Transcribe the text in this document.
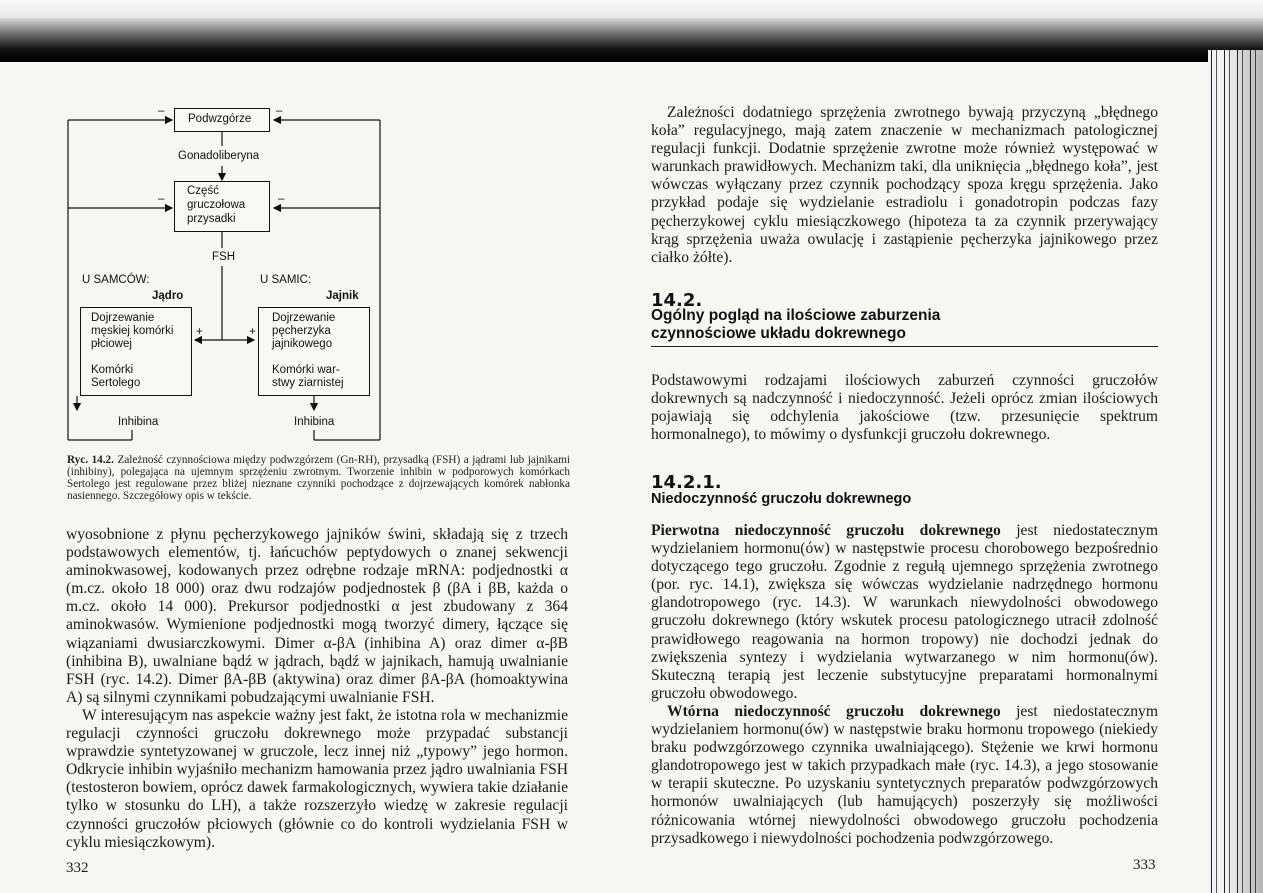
Podwzgórze
–	–
Gonadoliberyna
Część
gruczołowa
przysadki
–	–
FSH
U SAMCÓW:
Jądro
U SAMIC:
Jajnik
Dojrzewanie
męskiej komórki
płciowej
Komórki
Sertolego
Dojrzewanie
pęcherzyka
jajnikowego
Komórki war-
stwy ziarnistej
+	+
Inhibina	Inhibina
Ryc. 14.2. Zależność czynnościowa między podwzgórzem (Gn-RH), przysadką (FSH) a jądrami lub jajnikami (inhibiny), polegająca na ujemnym sprzężeniu zwrotnym. Tworzenie inhibin w podporowych komórkach Sertolego jest regulowane przez bliżej nieznane czynniki pochodzące z dojrzewających komórek nabłonka nasiennego. Szczegółowy opis w tekście.

wyosobnione z płynu pęcherzykowego jajników świni, składają się z trzech podstawowych elementów, tj. łańcuchów peptydowych o znanej sekwencji aminokwasowej, kodowanych przez odrębne rodzaje mRNA: podjednostki α (m.cz. około 18 000) oraz dwu rodzajów podjednostek β (βA i βB, każda o m.cz. około 14 000). Prekursor podjednostki α jest zbudowany z 364 aminokwasów. Wymienione podjednostki mogą tworzyć dimery, łączące się wiązaniami dwusiarczkowymi. Dimer α-βA (inhibina A) oraz dimer α-βB (inhibina B), uwalniane bądź w jądrach, bądź w jajnikach, hamują uwalnianie FSH (ryc. 14.2). Dimer βA-βB (aktywina) oraz dimer βA-βA (homoaktywina A) są silnymi czynnikami pobudzającymi uwalnianie FSH.

W interesującym nas aspekcie ważny jest fakt, że istotna rola w mechanizmie regulacji czynności gruczołu dokrewnego może przypadać substancji wprawdzie syntetyzowanej w gruczole, lecz innej niż „typowy” jego hormon. Odkrycie inhibin wyjaśniło mechanizm hamowania przez jądro uwalniania FSH (testosteron bowiem, oprócz dawek farmakologicznych, wywiera takie działanie tylko w stosunku do LH), a także rozszerzyło wiedzę w zakresie regulacji czynności gruczołów płciowych (głównie co do kontroli wydzielania FSH w cyklu miesiączkowym).

332

Zależności dodatniego sprzężenia zwrotnego bywają przyczyną „błędnego koła” regulacyjnego, mają zatem znaczenie w mechanizmach patologicznej regulacji funkcji. Dodatnie sprzężenie zwrotne może również występować w warunkach prawidłowych. Mechanizm taki, dla uniknięcia „błędnego koła”, jest wówczas wyłączany przez czynnik pochodzący spoza kręgu sprzężenia. Jako przykład podaje się wydzielanie estradiolu i gonadotropin podczas fazy pęcherzykowej cyklu miesiączkowego (hipoteza ta za czynnik przerywający krąg sprzężenia uważa owulację i zastąpienie pęcherzyka jajnikowego przez ciałko żółte).

14.2.
Ogólny pogląd na ilościowe zaburzenia
czynnościowe układu dokrewnego

Podstawowymi rodzajami ilościowych zaburzeń czynności gruczołów dokrewnych są nadczynność i niedoczynność. Jeżeli oprócz zmian ilościowych pojawiają się odchylenia jakościowe (tzw. przesunięcie spektrum hormonalnego), to mówimy o dysfunkcji gruczołu dokrewnego.

14.2.1.
Niedoczynność gruczołu dokrewnego

Pierwotna niedoczynność gruczołu dokrewnego jest niedostatecznym wydzielaniem hormonu(ów) w następstwie procesu chorobowego bezpośrednio dotyczącego tego gruczołu. Zgodnie z regułą ujemnego sprzężenia zwrotnego (por. ryc. 14.1), zwiększa się wówczas wydzielanie nadrzędnego hormonu glandotropowego (ryc. 14.3). W warunkach niewydolności obwodowego gruczołu dokrewnego (który wskutek procesu patologicznego utracił zdolność prawidłowego reagowania na hormon tropowy) nie dochodzi jednak do zwiększenia syntezy i wydzielania wytwarzanego w nim hormonu(ów). Skuteczną terapią jest leczenie substytucyjne preparatami hormonalnymi gruczołu obwodowego.

Wtórna niedoczynność gruczołu dokrewnego jest niedostatecznym wydzielaniem hormonu(ów) w następstwie braku hormonu tropowego (niekiedy braku podwzgórzowego czynnika uwalniającego). Stężenie we krwi hormonu glandotropowego jest w takich przypadkach małe (ryc. 14.3), a jego stosowanie w terapii skuteczne. Po uzyskaniu syntetycznych preparatów podwzgórzowych hormonów uwalniających (lub hamujących) poszerzyły się możliwości różnicowania wtórnej niewydolności obwodowego gruczołu pochodzenia przysadkowego i niewydolności pochodzenia podwzgórzowego.

333
